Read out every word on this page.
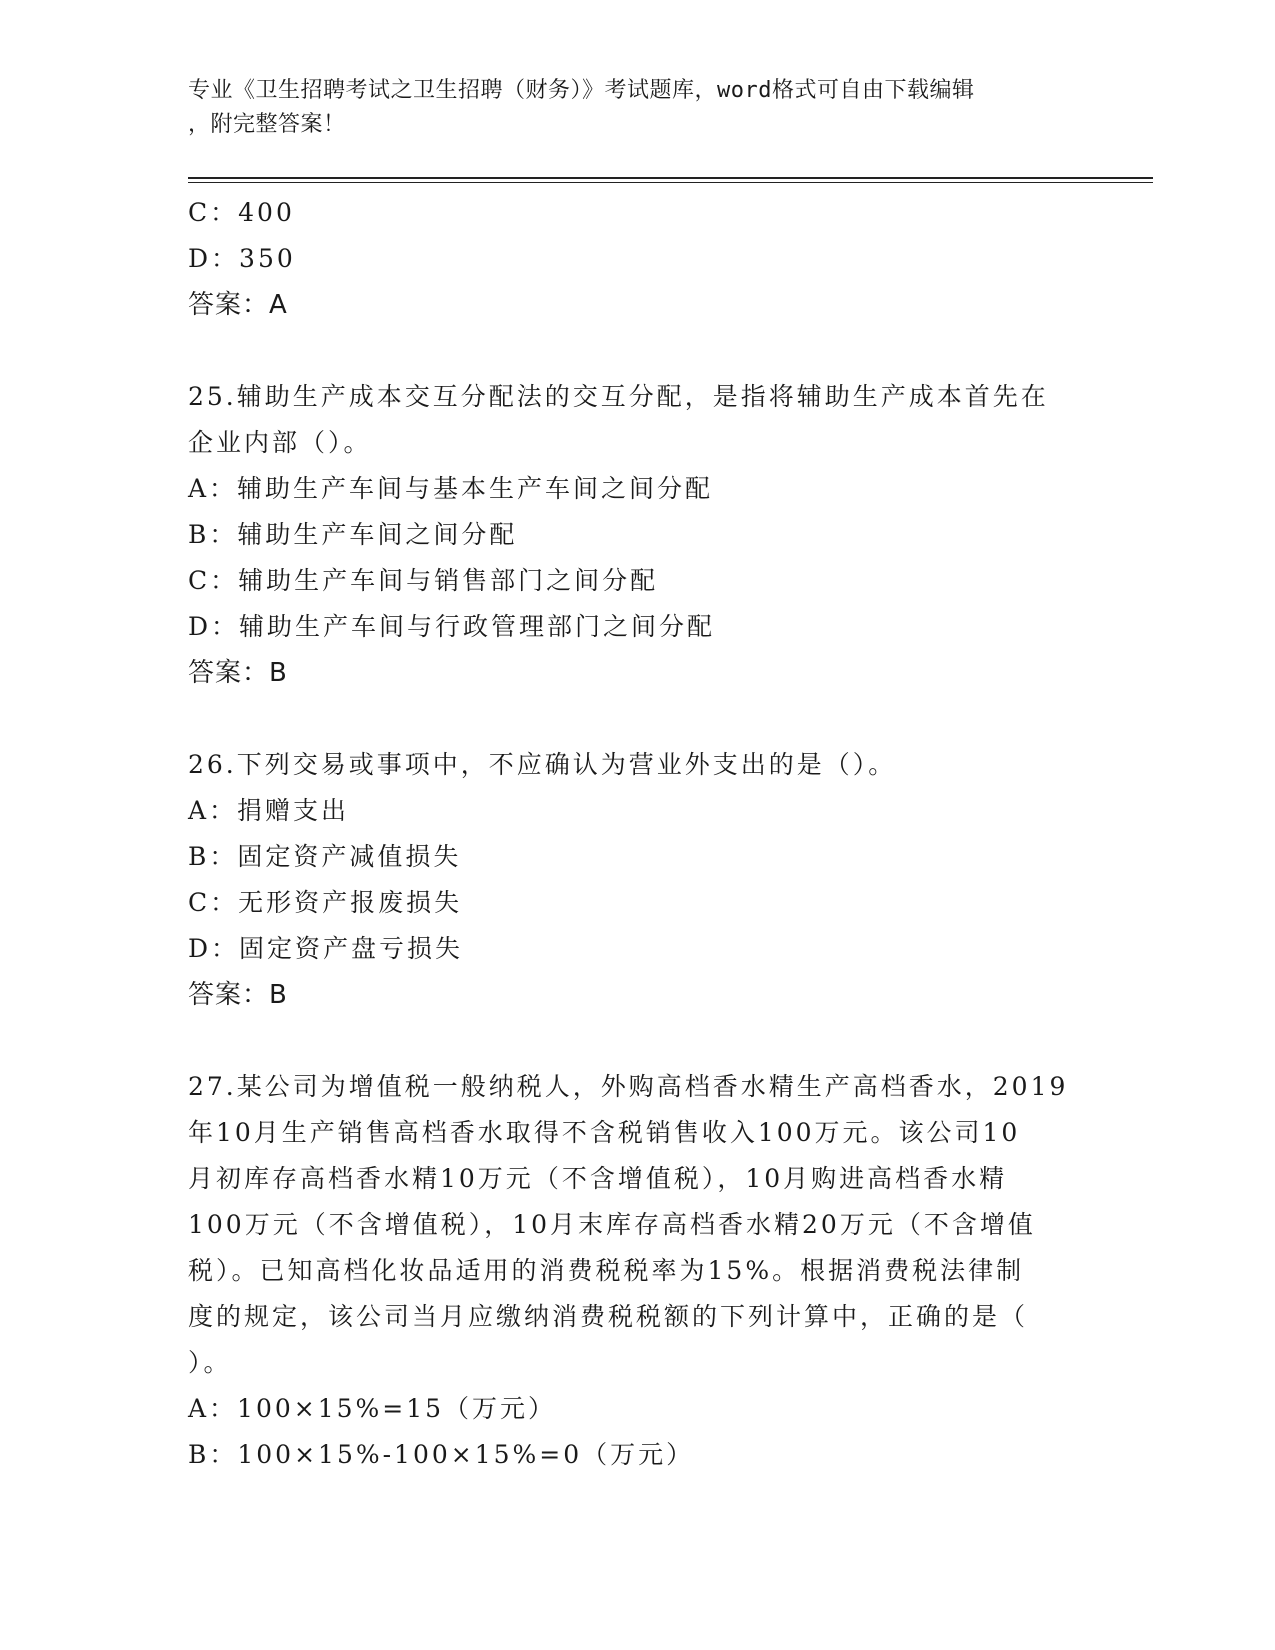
专业《卫生招聘考试之卫生招聘（财务）》考试题库，word格式可自由下载编辑
，附完整答案！
C：400
D：350
答案：A
25.辅助生产成本交互分配法的交互分配，是指将辅助生产成本首先在
企业内部（）。
A：辅助生产车间与基本生产车间之间分配
B：辅助生产车间之间分配
C：辅助生产车间与销售部门之间分配
D：辅助生产车间与行政管理部门之间分配
答案：B
26.下列交易或事项中，不应确认为营业外支出的是（）。
A：捐赠支出
B：固定资产减值损失
C：无形资产报废损失
D：固定资产盘亏损失
答案：B
27.某公司为增值税一般纳税人，外购高档香水精生产高档香水，2019
年10月生产销售高档香水取得不含税销售收入100万元。该公司10
月初库存高档香水精10万元（不含增值税），10月购进高档香水精
100万元（不含增值税），10月末库存高档香水精20万元（不含增值
税）。已知高档化妆品适用的消费税税率为15%。根据消费税法律制
度的规定，该公司当月应缴纳消费税税额的下列计算中，正确的是（
）。
A：100×15%=15（万元）
B：100×15%-100×15%=0（万元）
